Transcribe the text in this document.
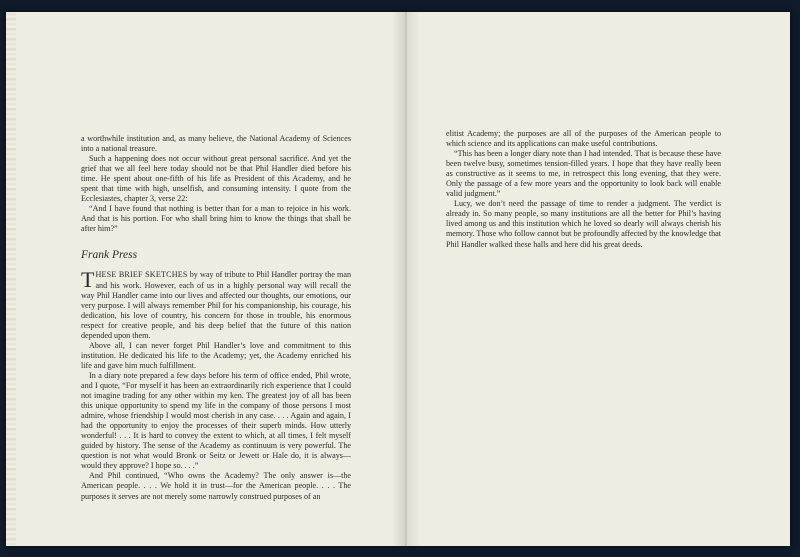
a worthwhile institution and, as many believe, the National Academy of Sciences into a national treasure.

Such a happening does not occur without great personal sacrifice. And yet the grief that we all feel here today should not be that Phil Handler died before his time. He spent about one-fifth of his life as President of this Academy, and he spent that time with high, unselfish, and consuming intensity. I quote from the Ecclesiastes, chapter 3, verse 22:

“And I have found that nothing is better than for a man to rejoice in his work. And that is his portion. For who shall bring him to know the things that shall be after him?”

Frank Press

THESE BRIEF SKETCHES by way of tribute to Phil Handler portray the man and his work. However, each of us in a highly personal way will recall the way Phil Handler came into our lives and affected our thoughts, our emotions, our very purpose. I will always remember Phil for his companionship, his courage, his dedication, his love of country, his concern for those in trouble, his enormous respect for creative people, and his deep belief that the future of this nation depended upon them.

Above all, I can never forget Phil Handler’s love and commitment to this institution. He dedicated his life to the Academy; yet, the Academy enriched his life and gave him much fulfillment.

In a diary note prepared a few days before his term of office ended, Phil wrote, and I quote, “For myself it has been an extraordinarily rich experience that I could not imagine trading for any other within my ken. The greatest joy of all has been this unique opportunity to spend my life in the company of those persons I most admire, whose friendship I would most cherish in any case. . . . Again and again, I had the opportunity to enjoy the processes of their superb minds. How utterly wonderful! . . . It is hard to convey the extent to which, at all times, I felt myself guided by history. The sense of the Academy as continuum is very powerful. The question is not what would Bronk or Seitz or Jewett or Hale do, it is always—would they approve? I hope so. . . .”

And Phil continued, “Who owns the Academy? The only answer is—the American people. . . . We hold it in trust—for the American people. . . . The purposes it serves are not merely some narrowly construed purposes of an

elitist Academy; the purposes are all of the purposes of the American people to which science and its applications can make useful contributions.

“This has been a longer diary note than I had intended. That is because these have been twelve busy, sometimes tension-filled years. I hope that they have really been as constructive as it seems to me, in retrospect this long evening, that they were. Only the passage of a few more years and the opportunity to look back will enable valid judgment.”

Lucy, we don’t need the passage of time to render a judgment. The verdict is already in. So many people, so many institutions are all the better for Phil’s having lived among us and this institution which he loved so dearly will always cherish his memory. Those who follow cannot but be profoundly affected by the knowledge that Phil Handler walked these halls and here did his great deeds.
